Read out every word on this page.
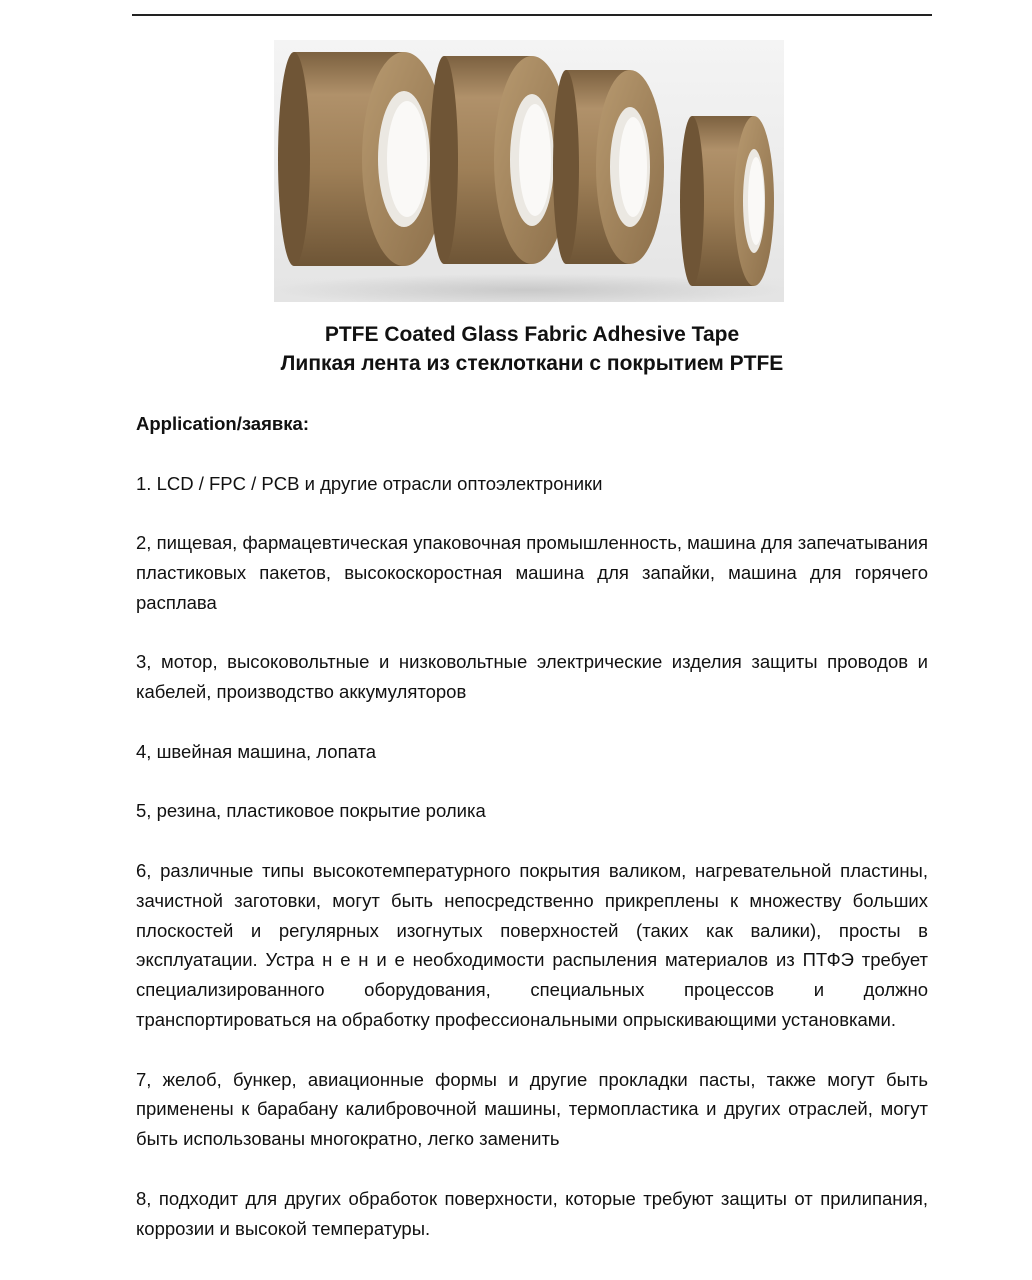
PTFE Coated Glass Fabric Adhesive Tape
Липкая лента из стеклоткани с покрытием PTFE

Application/заявка:

1. LCD / FPC / PCB и другие отрасли оптоэлектроники

2, пищевая, фармацевтическая упаковочная промышленность, машина для запечатывания пластиковых пакетов, высокоскоростная машина для запайки, машина для горячего расплава

3, мотор, высоковольтные и низковольтные электрические изделия защиты проводов и кабелей, производство аккумуляторов

4, швейная машина, лопата

5, резина, пластиковое покрытие ролика

6, различные типы высокотемпературного покрытия валиком, нагревательной пластины, зачистной заготовки, могут быть непосредственно прикреплены к множеству больших плоскостей и регулярных изогнутых поверхностей (таких как валики), просты в эксплуатации. Устра н е н и е необходимости распыления материалов из ПТФЭ требует специализированного оборудования, специальных процессов и должно транспортироваться на обработку профессиональными опрыскивающими установками.

7, желоб, бункер, авиационные формы и другие прокладки пасты, также могут быть применены к барабану калибровочной машины, термопластика и других отраслей, могут быть использованы многократно, легко заменить

8, подходит для других обработок поверхности, которые требуют защиты от прилипания, коррозии и высокой температуры.
